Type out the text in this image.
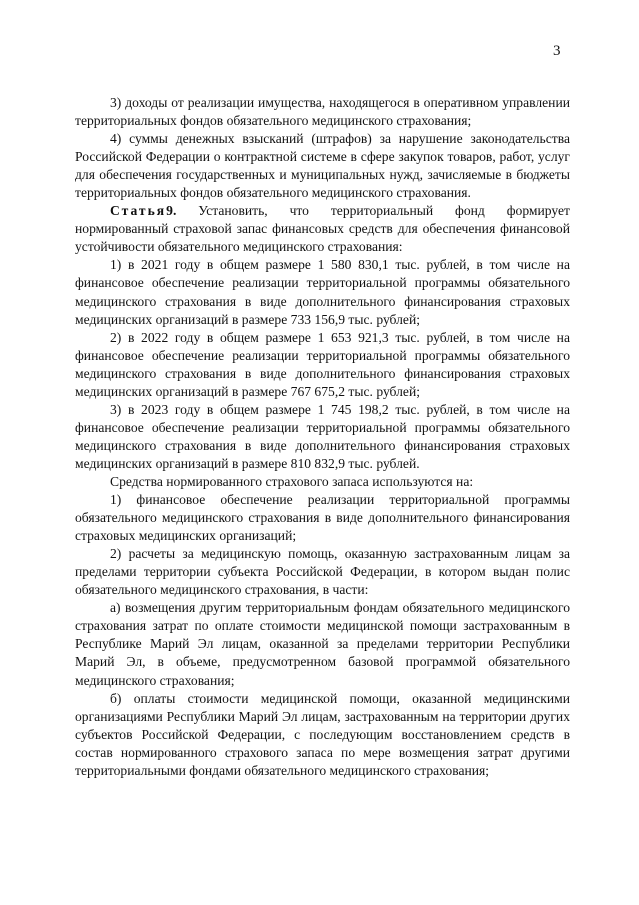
3

3) доходы от реализации имущества, находящегося в оперативном управлении территориальных фондов обязательного медицинского страхования;

4) суммы денежных взысканий (штрафов) за нарушение законодательства Российской Федерации о контрактной системе в сфере закупок товаров, работ, услуг для обеспечения государственных и муниципальных нужд, зачисляемые в бюджеты территориальных фондов обязательного медицинского страхования.

Статья9. Установить, что территориальный фонд формирует нормированный страховой запас финансовых средств для обеспечения финансовой устойчивости обязательного медицинского страхования:

1) в 2021 году в общем размере 1 580 830,1 тыс. рублей, в том числе на финансовое обеспечение реализации территориальной программы обязательного медицинского страхования в виде дополнительного финансирования страховых медицинских организаций в размере 733 156,9 тыс. рублей;

2) в 2022 году в общем размере 1 653 921,3 тыс. рублей, в том числе на финансовое обеспечение реализации территориальной программы обязательного медицинского страхования в виде дополнительного финансирования страховых медицинских организаций в размере 767 675,2 тыс. рублей;

3) в 2023 году в общем размере 1 745 198,2 тыс. рублей, в том числе на финансовое обеспечение реализации территориальной программы обязательного медицинского страхования в виде дополнительного финансирования страховых медицинских организаций в размере 810 832,9 тыс. рублей.

Средства нормированного страхового запаса используются на:

1) финансовое обеспечение реализации территориальной программы обязательного медицинского страхования в виде дополнительного финансирования страховых медицинских организаций;

2) расчеты за медицинскую помощь, оказанную застрахованным лицам за пределами территории субъекта Российской Федерации, в котором выдан полис обязательного медицинского страхования, в части:

а) возмещения другим территориальным фондам обязательного медицинского страхования затрат по оплате стоимости медицинской помощи застрахованным в Республике Марий Эл лицам, оказанной за пределами территории Республики Марий Эл, в объеме, предусмотренном базовой программой обязательного медицинского страхования;

б) оплаты стоимости медицинской помощи, оказанной медицинскими организациями Республики Марий Эл лицам, застрахованным на территории других субъектов Российской Федерации, с последующим восстановлением средств в состав нормированного страхового запаса по мере возмещения затрат другими территориальными фондами обязательного медицинского страхования;
